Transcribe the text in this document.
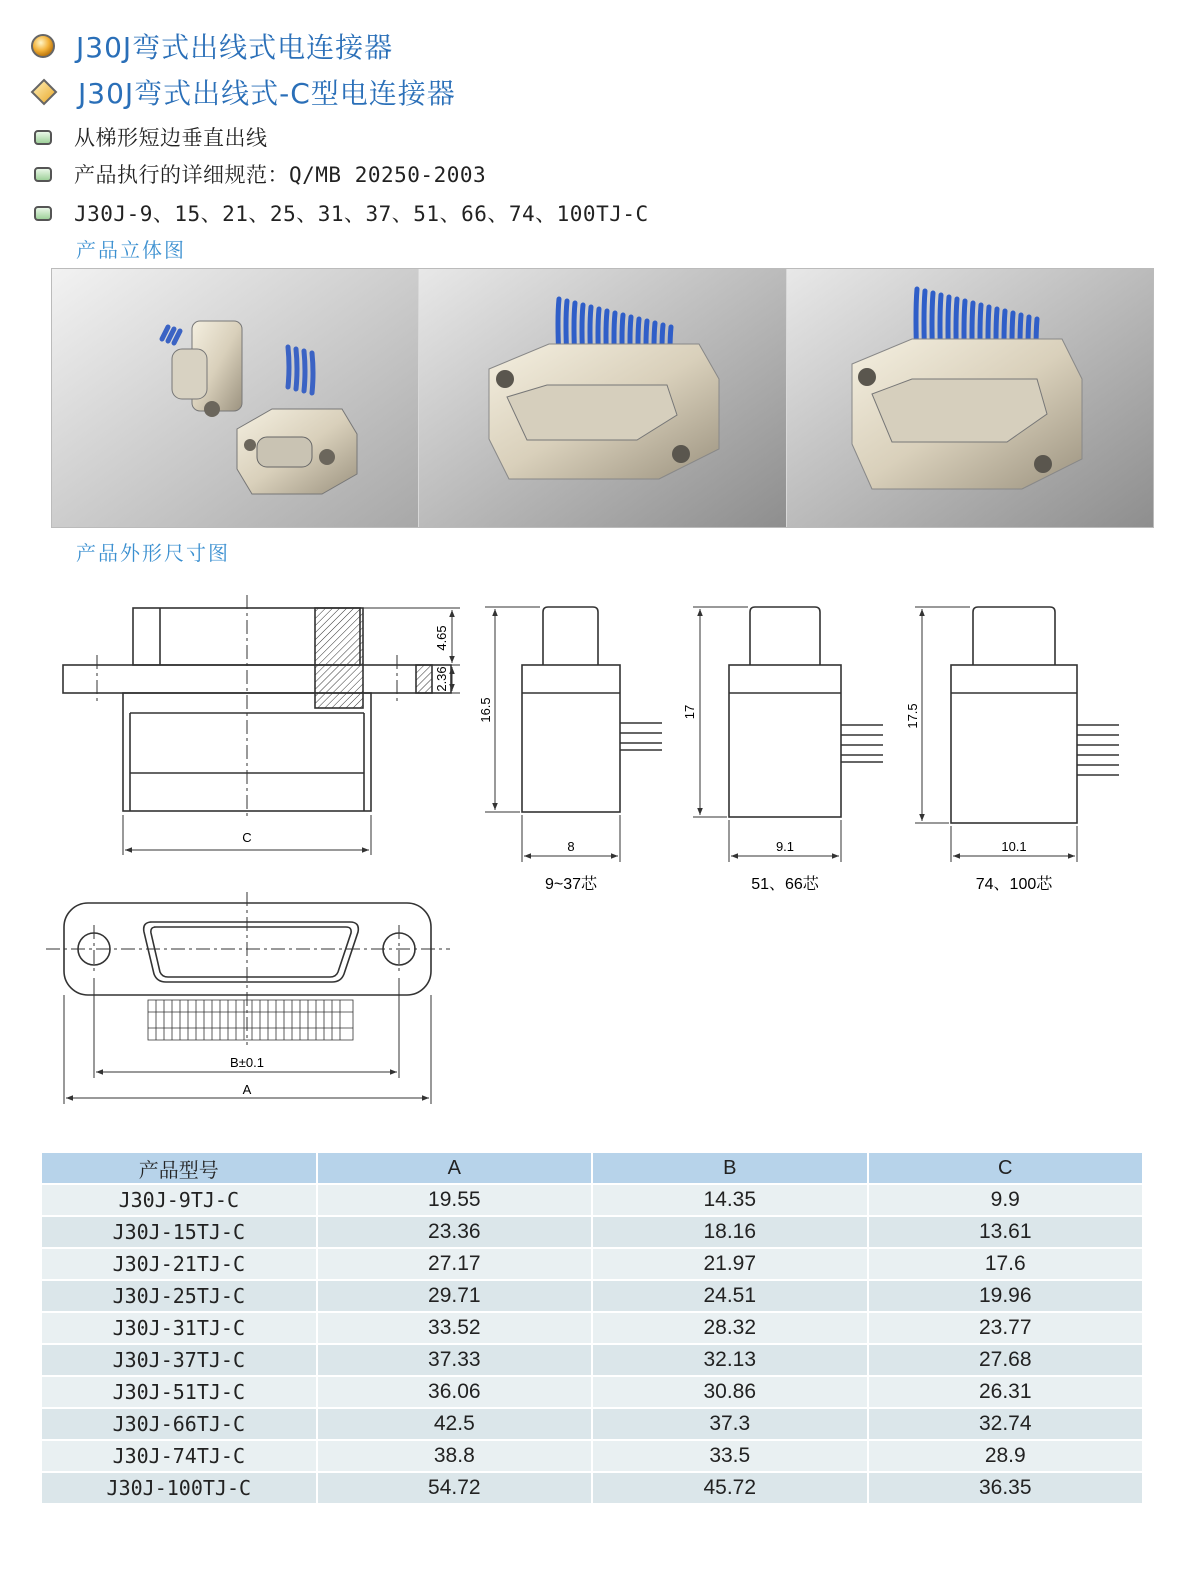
J30J弯式出线式电连接器
J30J弯式出线式-C型电连接器
从梯形短边垂直出线
产品执行的详细规范：Q/MB 20250-2003
J30J-9、15、21、25、31、37、51、66、74、100TJ-C
产品立体图
产品外形尺寸图
4.65
2.36
C
16.5
8
9~37芯
17
9.1
51、66芯
17.5
10.1
74、100芯
B±0.1
A
产品型号	A	B	C
J30J-9TJ-C	19.55	14.35	9.9
J30J-15TJ-C	23.36	18.16	13.61
J30J-21TJ-C	27.17	21.97	17.6
J30J-25TJ-C	29.71	24.51	19.96
J30J-31TJ-C	33.52	28.32	23.77
J30J-37TJ-C	37.33	32.13	27.68
J30J-51TJ-C	36.06	30.86	26.31
J30J-66TJ-C	42.5	37.3	32.74
J30J-74TJ-C	38.8	33.5	28.9
J30J-100TJ-C	54.72	45.72	36.35
